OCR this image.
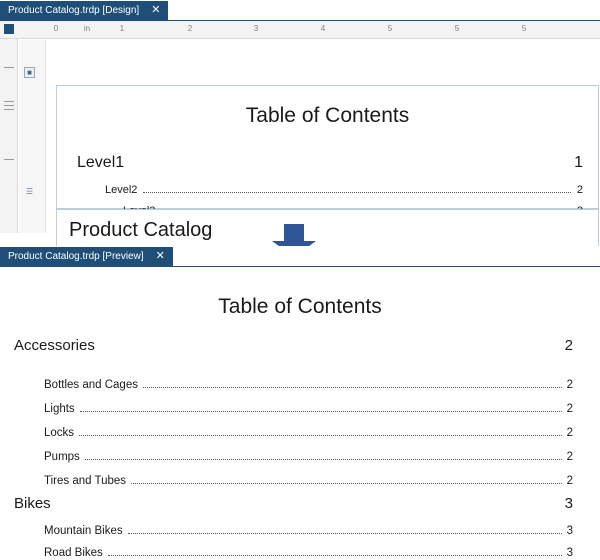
Product Catalog.trdp [Design] ✕
0	1
in	2	3	4	5	5	5
■
☰
Table of Contents
Level1	1
Level2	2
Product Catalog
Product Catalog.trdp [Preview] ✕
Table of Contents
Accessories	2
Bottles and Cages	2
Lights	2
Locks	2
Pumps	2
Tires and Tubes	2
Bikes	3
Mountain Bikes	3
Road Bikes	3
